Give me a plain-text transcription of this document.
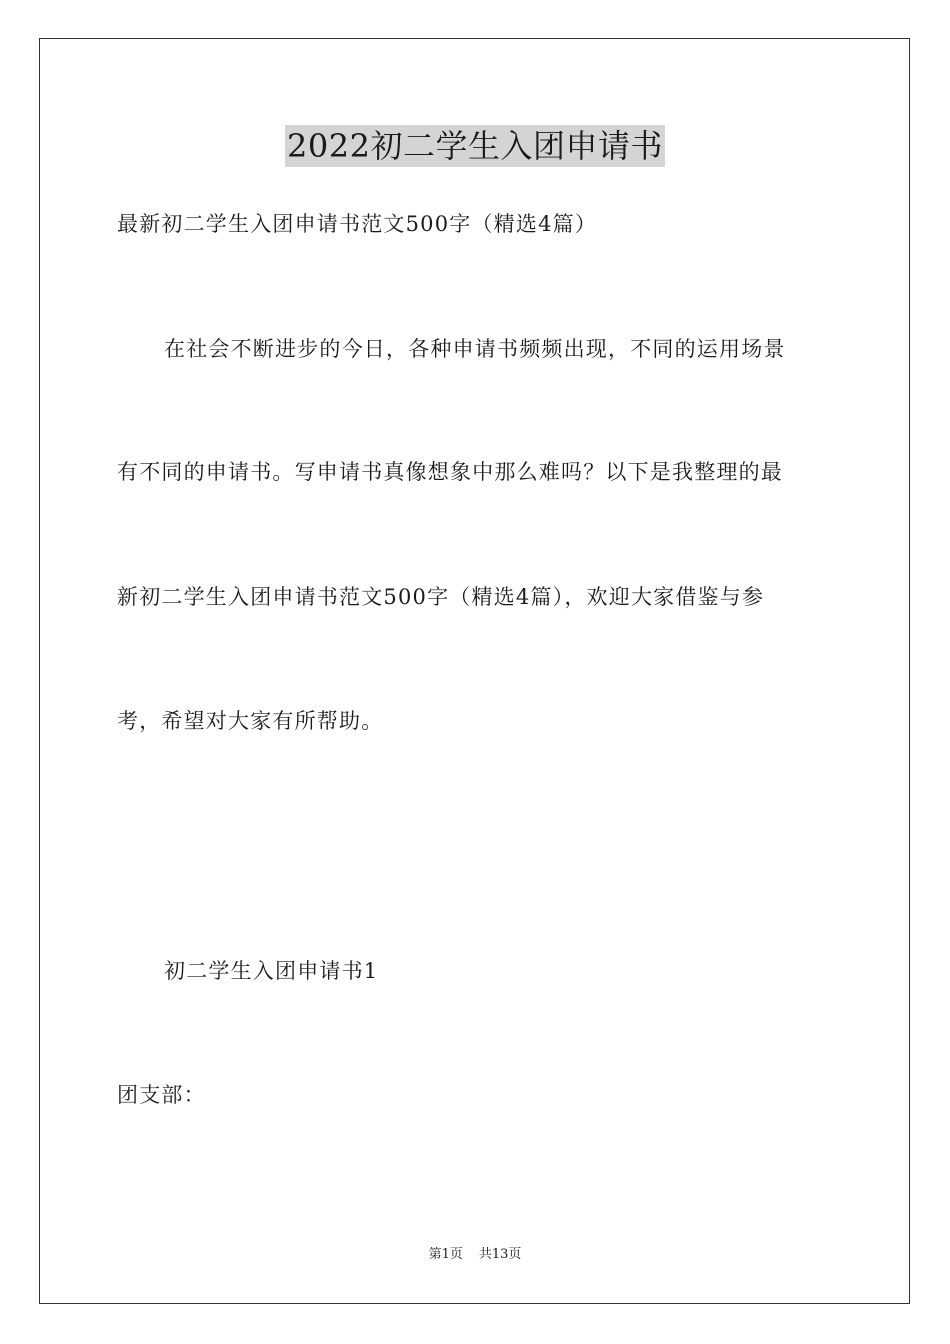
2022初二学生入团申请书
最新初二学生入团申请书范文500字（精选4篇）
在社会不断进步的今日，各种申请书频频出现，不同的运用场景
有不同的申请书。写申请书真像想象中那么难吗？以下是我整理的最
新初二学生入团申请书范文500字（精选4篇），欢迎大家借鉴与参
考，希望对大家有所帮助。
初二学生入团申请书1
团支部：
第1页 共13页
